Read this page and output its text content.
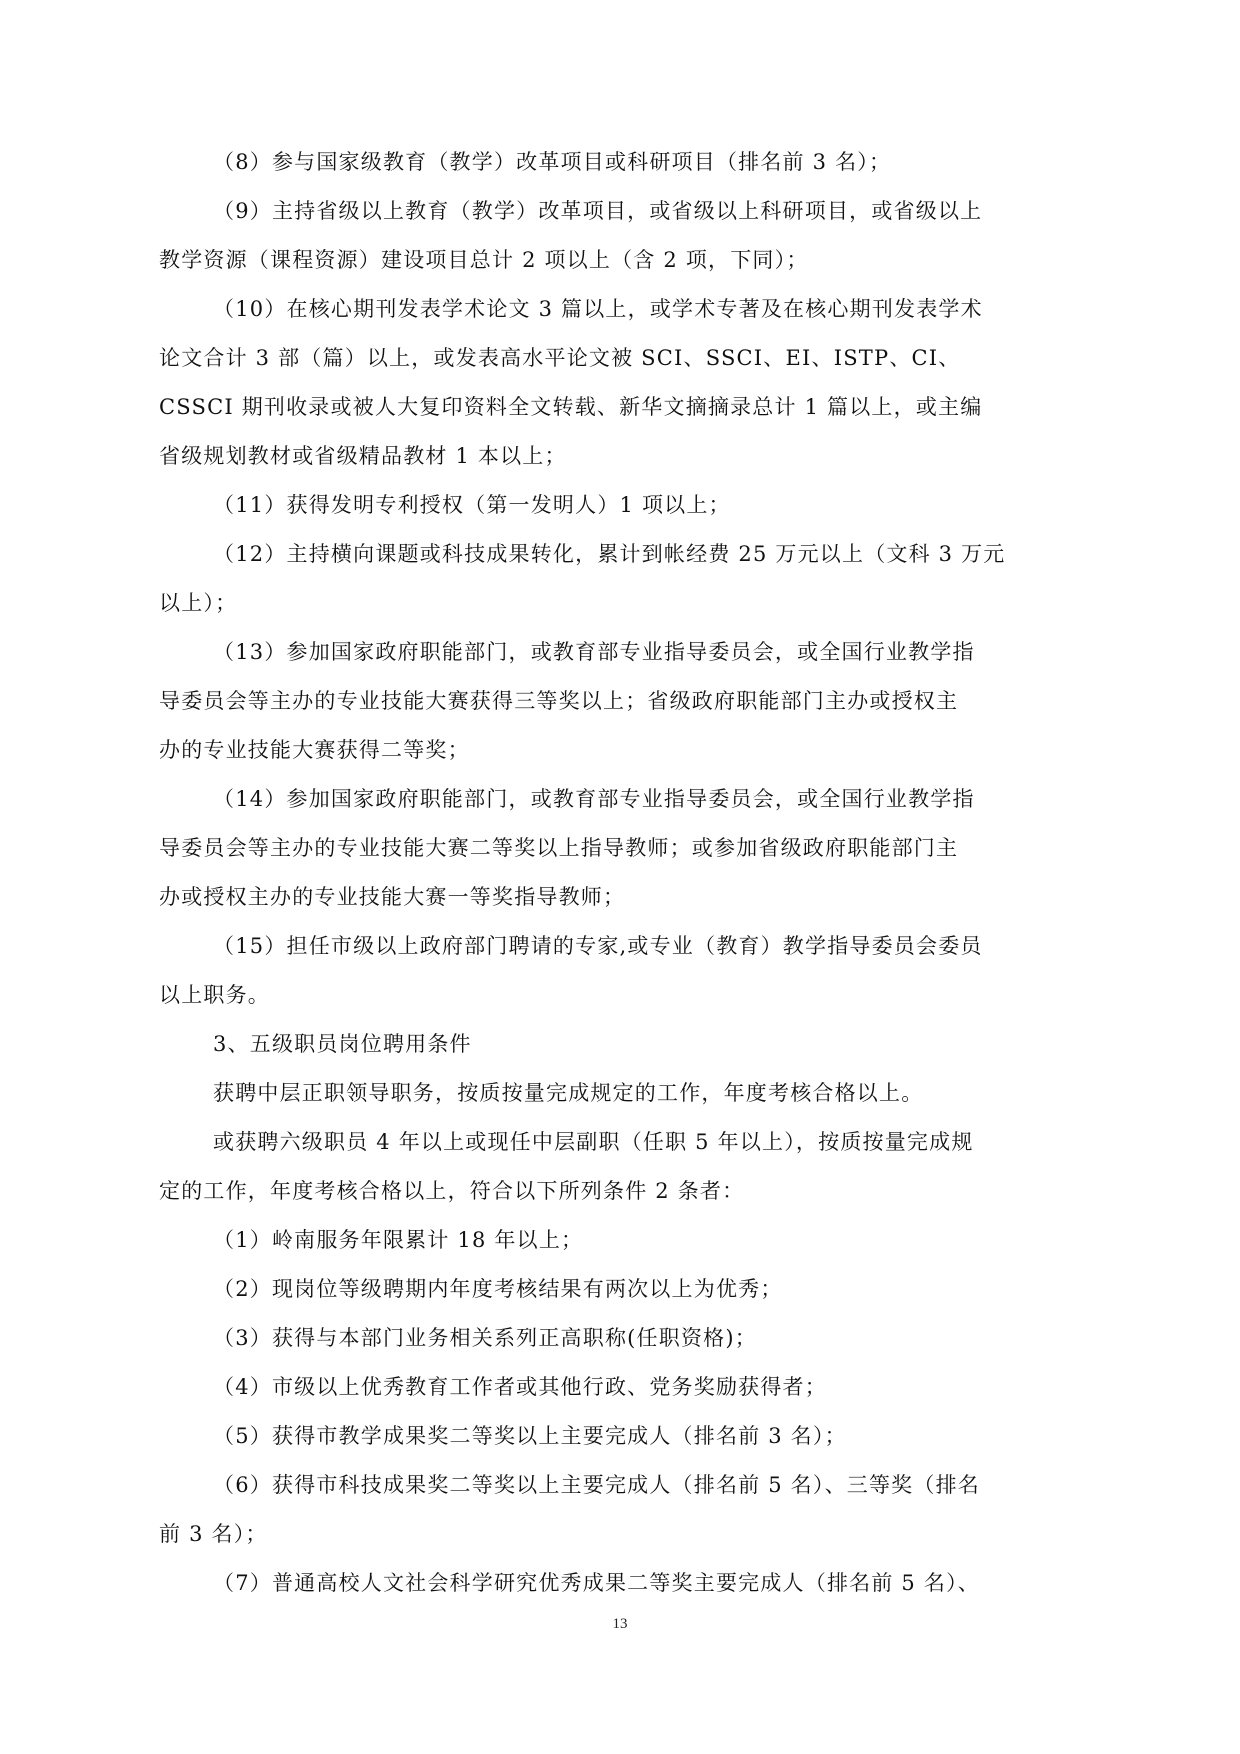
（8）参与国家级教育（教学）改革项目或科研项目（排名前 3 名）；
（9）主持省级以上教育（教学）改革项目，或省级以上科研项目，或省级以上
教学资源（课程资源）建设项目总计 2 项以上（含 2 项，下同）；
（10）在核心期刊发表学术论文 3 篇以上，或学术专著及在核心期刊发表学术
论文合计 3 部（篇）以上，或发表高水平论文被 SCI、SSCI、EI、ISTP、CI、
CSSCI 期刊收录或被人大复印资料全文转载、新华文摘摘录总计 1 篇以上，或主编
省级规划教材或省级精品教材 1 本以上；
（11）获得发明专利授权（第一发明人）1 项以上；
（12）主持横向课题或科技成果转化，累计到帐经费 25 万元以上（文科 3 万元
以上）；
（13）参加国家政府职能部门，或教育部专业指导委员会，或全国行业教学指
导委员会等主办的专业技能大赛获得三等奖以上；省级政府职能部门主办或授权主
办的专业技能大赛获得二等奖；
（14）参加国家政府职能部门，或教育部专业指导委员会，或全国行业教学指
导委员会等主办的专业技能大赛二等奖以上指导教师；或参加省级政府职能部门主
办或授权主办的专业技能大赛一等奖指导教师；
（15）担任市级以上政府部门聘请的专家,或专业（教育）教学指导委员会委员
以上职务。
3、五级职员岗位聘用条件
获聘中层正职领导职务，按质按量完成规定的工作，年度考核合格以上。
或获聘六级职员 4 年以上或现任中层副职（任职 5 年以上），按质按量完成规
定的工作，年度考核合格以上，符合以下所列条件 2 条者：
（1）岭南服务年限累计 18 年以上；
（2）现岗位等级聘期内年度考核结果有两次以上为优秀；
（3）获得与本部门业务相关系列正高职称(任职资格)；
（4）市级以上优秀教育工作者或其他行政、党务奖励获得者；
（5）获得市教学成果奖二等奖以上主要完成人（排名前 3 名）；
（6）获得市科技成果奖二等奖以上主要完成人（排名前 5 名）、三等奖（排名
前 3 名）；
（7）普通高校人文社会科学研究优秀成果二等奖主要完成人（排名前 5 名）、
13
